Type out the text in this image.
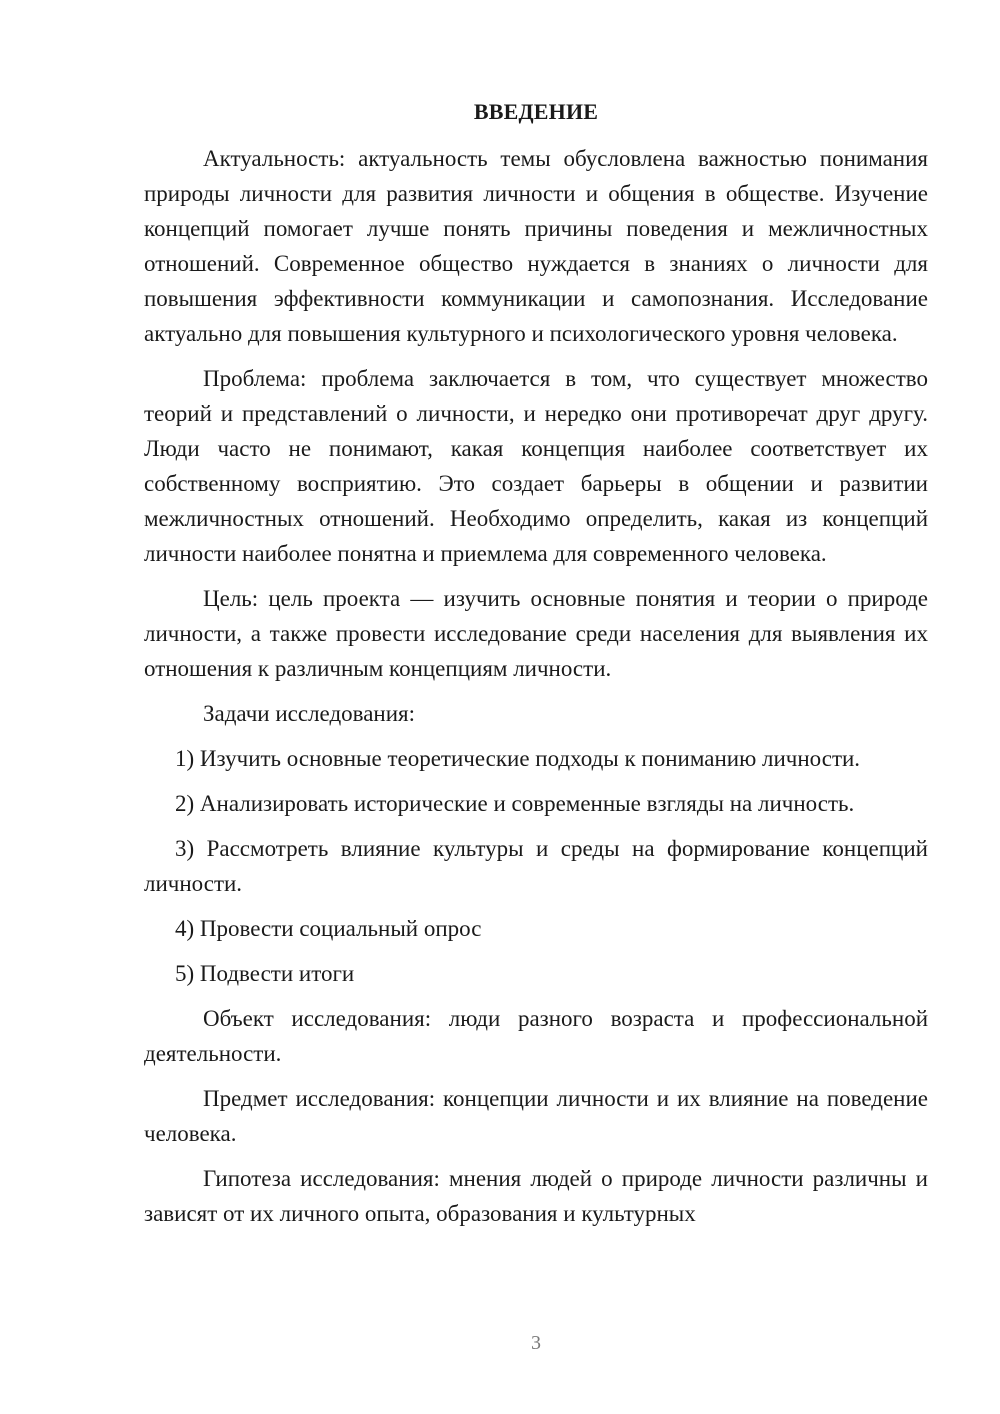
ВВЕДЕНИЕ

Актуальность: актуальность темы обусловлена важностью понимания природы личности для развития личности и общения в обществе. Изучение концепций помогает лучше понять причины поведения и межличностных отношений. Современное общество нуждается в знаниях о личности для повышения эффективности коммуникации и самопознания. Исследование актуально для повышения культурного и психологического уровня человека.

Проблема: проблема заключается в том, что существует множество теорий и представлений о личности, и нередко они противоречат друг другу. Люди часто не понимают, какая концепция наиболее соответствует их собственному восприятию. Это создает барьеры в общении и развитии межличностных отношений. Необходимо определить, какая из концепций личности наиболее понятна и приемлема для современного человека.

Цель: цель проекта — изучить основные понятия и теории о природе личности, а также провести исследование среди населения для выявления их отношения к различным концепциям личности.

Задачи исследования:

1) Изучить основные теоретические подходы к пониманию личности.

2) Анализировать исторические и современные взгляды на личность.

3) Рассмотреть влияние культуры и среды на формирование концепций личности.

4) Провести социальный опрос

5) Подвести итоги

Объект исследования: люди разного возраста и профессиональной деятельности.

Предмет исследования: концепции личности и их влияние на поведение человека.

Гипотеза исследования: мнения людей о природе личности различны и зависят от их личного опыта, образования и культурных

3
